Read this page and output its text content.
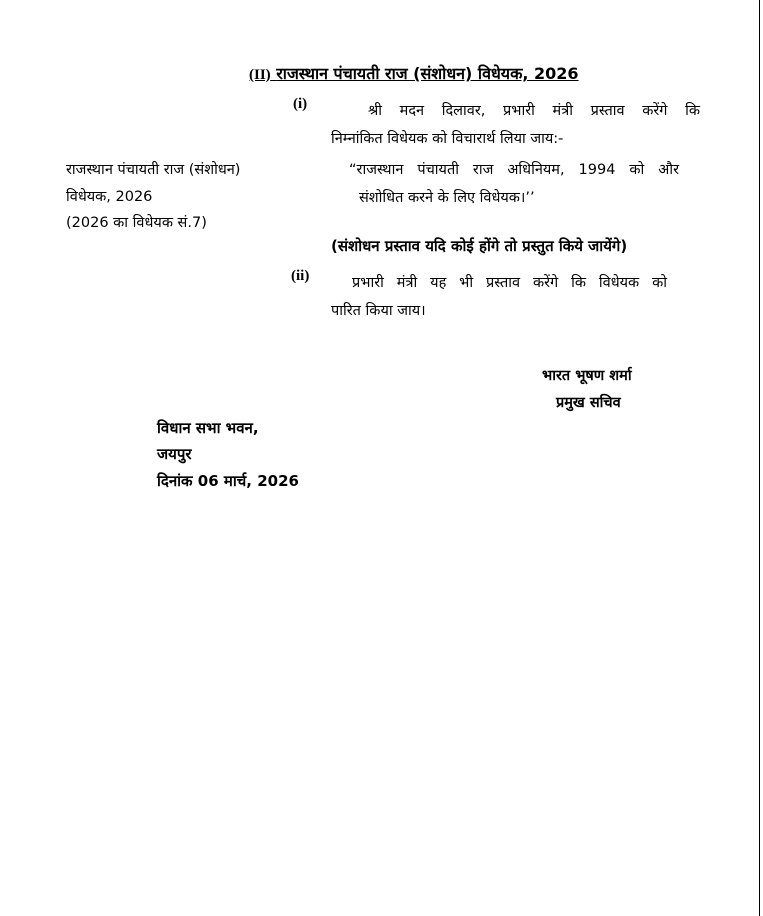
(II) राजस्थान पंचायती राज (संशोधन) विधेयक, 2026
(i)	श्री मदन दिलावर, प्रभारी मंत्री प्रस्ताव करेंगे कि
निम्नांकित विधेयक को विचारार्थ लिया जाय:-
राजस्थान पंचायती राज (संशोधन)
विधेयक, 2026
(2026 का विधेयक सं.7)
“राजस्थान पंचायती राज अधिनियम, 1994 को और
संशोधित करने के लिए विधेयक।’’
(संशोधन प्रस्ताव यदि कोई होंगे तो प्रस्तुत किये जायेंगे)
(ii)	प्रभारी मंत्री यह भी प्रस्ताव करेंगे कि विधेयक को
पारित किया जाय।
भारत भूषण शर्मा
प्रमुख सचिव
विधान सभा भवन,
जयपुर
दिनांक 06 मार्च, 2026
